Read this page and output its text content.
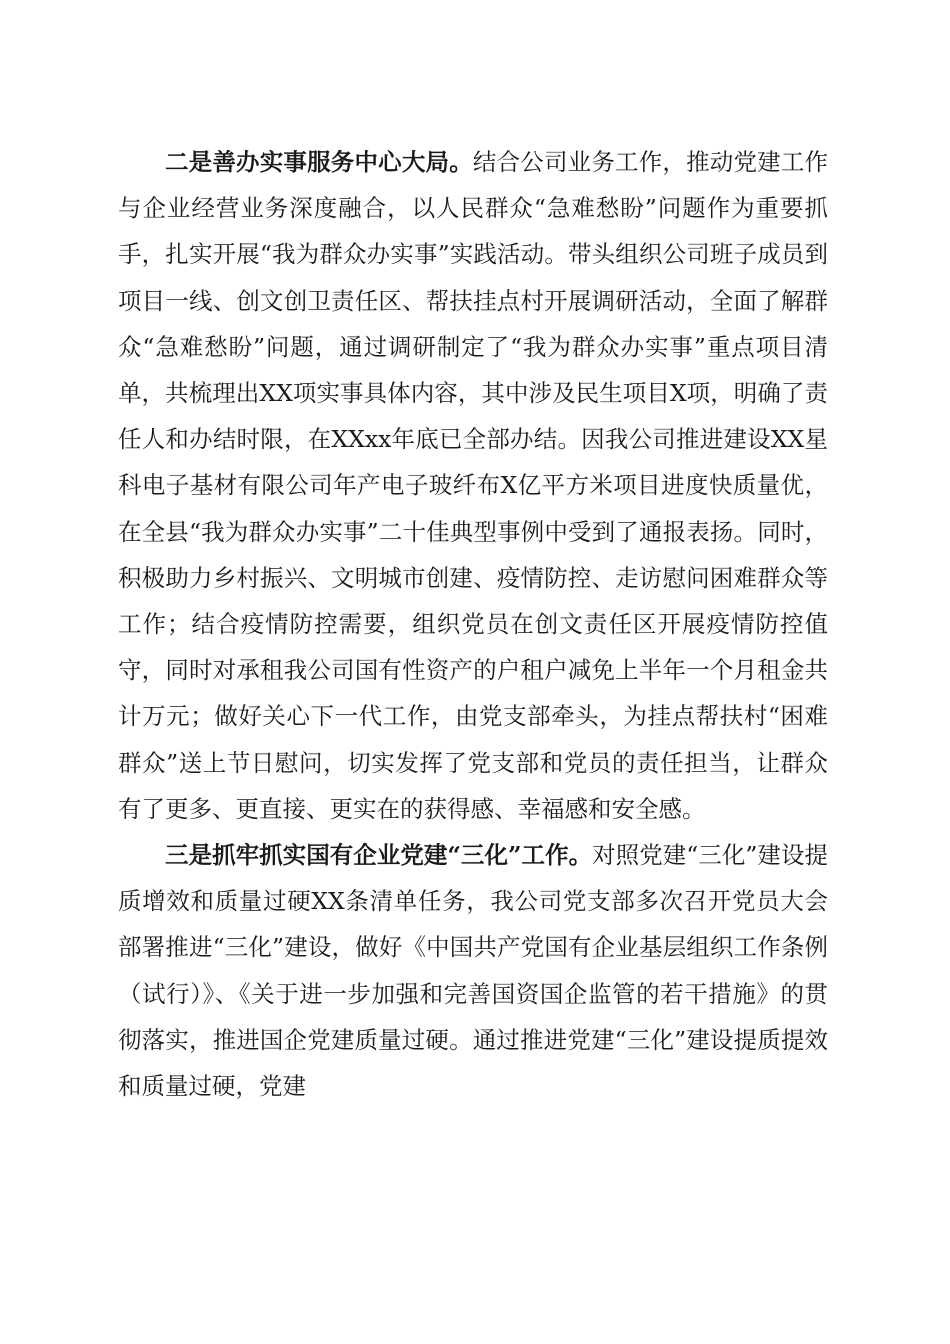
二是善办实事服务中心大局。结合公司业务工作，推动党建工作与企业经营业务深度融合，以人民群众“急难愁盼”问题作为重要抓手，扎实开展“我为群众办实事”实践活动。带头组织公司班子成员到项目一线、创文创卫责任区、帮扶挂点村开展调研活动，全面了解群众“急难愁盼”问题，通过调研制定了“我为群众办实事”重点项目清单，共梳理出XX项实事具体内容，其中涉及民生项目X项，明确了责任人和办结时限，在XXxx年底已全部办结。因我公司推进建设XX星科电子基材有限公司年产电子玻纤布X亿平方米项目进度快质量优，在全县“我为群众办实事”二十佳典型事例中受到了通报表扬。同时，积极助力乡村振兴、文明城市创建、疫情防控、走访慰问困难群众等工作；结合疫情防控需要，组织党员在创文责任区开展疫情防控值守，同时对承租我公司国有性资产的户租户减免上半年一个月租金共计万元；做好关心下一代工作，由党支部牵头，为挂点帮扶村“困难群众”送上节日慰问，切实发挥了党支部和党员的责任担当，让群众有了更多、更直接、更实在的获得感、幸福感和安全感。

三是抓牢抓实国有企业党建“三化”工作。对照党建“三化”建设提质增效和质量过硬XX条清单任务，我公司党支部多次召开党员大会部署推进“三化”建设，做好《中国共产党国有企业基层组织工作条例（试行）》、《关于进一步加强和完善国资国企监管的若干措施》的贯彻落实，推进国企党建质量过硬。通过推进党建“三化”建设提质提效和质量过硬，党建
